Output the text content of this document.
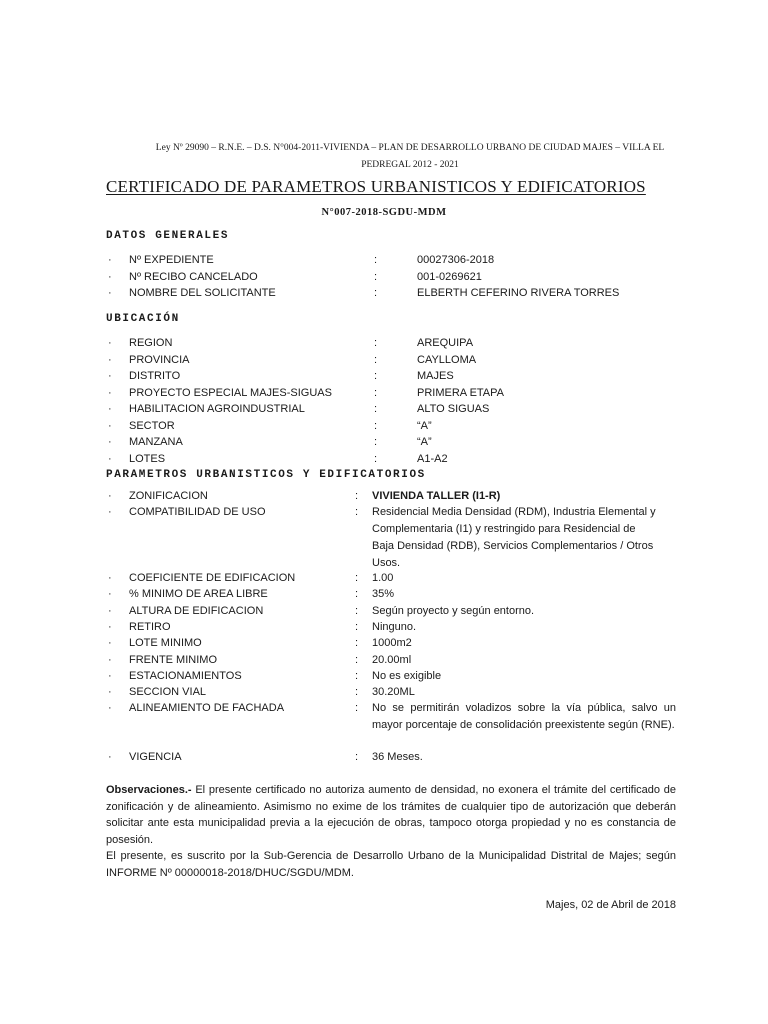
Ley Nº 29090 – R.N.E. – D.S. N°004-2011-VIVIENDA – PLAN DE DESARROLLO URBANO DE CIUDAD MAJES – VILLA EL PEDREGAL 2012 - 2021
CERTIFICADO DE PARAMETROS URBANISTICOS Y EDIFICATORIOS
N°007-2018-SGDU-MDM
DATOS GENERALES
· Nº EXPEDIENTE	:	00027306-2018
· Nº RECIBO CANCELADO	:	001-0269621
· NOMBRE DEL SOLICITANTE	:	ELBERTH CEFERINO RIVERA TORRES
UBICACIÓN
· REGION	:	AREQUIPA
· PROVINCIA	:	CAYLLOMA
· DISTRITO	:	MAJES
· PROYECTO ESPECIAL MAJES-SIGUAS	:	PRIMERA ETAPA
· HABILITACION AGROINDUSTRIAL	:	ALTO SIGUAS
· SECTOR	:	“A”
· MANZANA	:	“A”
· LOTES	:	A1-A2
PARAMETROS URBANISTICOS Y EDIFICATORIOS
· ZONIFICACION	: VIVIENDA TALLER (I1-R)
· COMPATIBILIDAD DE USO	: Residencial Media Densidad (RDM), Industria Elemental y Complementaria (I1) y restringido para Residencial de Baja Densidad (RDB), Servicios Complementarios / Otros Usos.
· COEFICIENTE DE EDIFICACION	: 1.00
· % MINIMO DE AREA LIBRE	: 35%
· ALTURA DE EDIFICACION	: Según proyecto y según entorno.
· RETIRO	: Ninguno.
· LOTE MINIMO	: 1000m2
· FRENTE MINIMO	: 20.00ml
· ESTACIONAMIENTOS	: No es exigible
· SECCION VIAL	: 30.20ML
· ALINEAMIENTO DE FACHADA	: No se permitirán voladizos sobre la vía pública, salvo un mayor porcentaje de consolidación preexistente según (RNE).
· VIGENCIA	: 36 Meses.

Observaciones.- El presente certificado no autoriza aumento de densidad, no exonera el trámite del certificado de zonificación y de alineamiento. Asimismo no exime de los trámites de cualquier tipo de autorización que deberán solicitar ante esta municipalidad previa a la ejecución de obras, tampoco otorga propiedad y no es constancia de posesión.

El presente, es suscrito por la Sub-Gerencia de Desarrollo Urbano de la Municipalidad Distrital de Majes; según INFORME Nº 00000018-2018/DHUC/SGDU/MDM.

Majes, 02 de Abril de 2018
